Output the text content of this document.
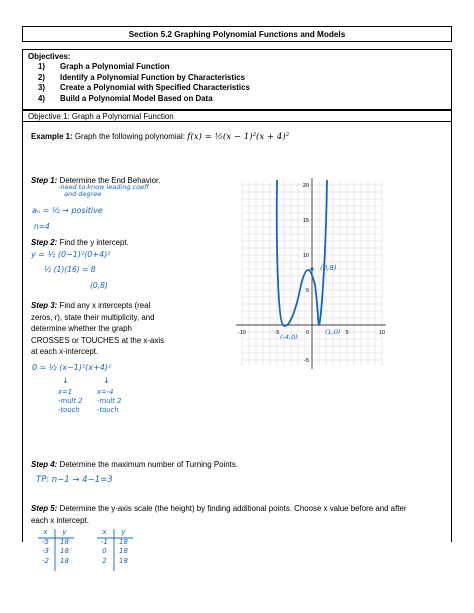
Section 5.2 Graphing Polynomial Functions and Models
Objectives:
1) Graph a Polynomial Function
2) Identify a Polynomial Function by Characteristics
3) Create a Polynomial with Specified Characteristics
4) Build a Polynomial Model Based on Data
Objective 1: Graph a Polynomial Function
Example 1: Graph the following polynomial: f(x) = ½(x − 1)²(x + 4)²
Step 1: Determine the End Behavior.
-need to know leading coeff
and degree
aₙ = ½ → positive
n=4
Step 2: Find the y intercept.
y = ½ (0−1)²(0+4)²
½ (1)(16) = 8
(0,8)
Step 3: Find any x intercepts (real
zeros, r), state their multiplicity, and
determine whether the graph
CROSSES or TOUCHES at the x-axis
at each x-intercept.
0 = ½ (x−1)²(x+4)²
↓	↓
x=1
-mult 2
-touch
x=-4
-mult 2
-touch
-10	-5	0	5	10
20
15
10
5
-5
(0,8)
(-4,0)
(1,0)
Step 4: Determine the maximum number of Turning Points.
TP: n−1 → 4−1=3
Step 5: Determine the y-axis scale (the height) by finding additional points. Choose x value before and after
each x intercept.
x	y
-5	18
-3	18
-2	18
x	y
-1	18
0	18
2	18
